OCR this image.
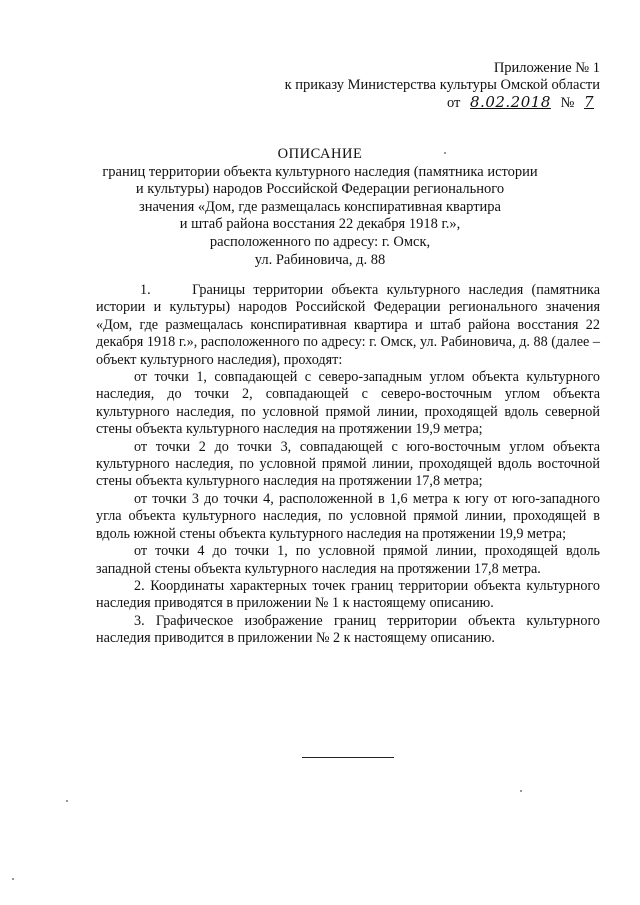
Приложение № 1
к приказу Министерства культуры Омской области
от 8.02.2018 № 7
ОПИСАНИЕ
границ территории объекта культурного наследия (памятника истории
и культуры) народов Российской Федерации регионального
значения «Дом, где размещалась конспиративная квартира
и штаб района восстания 22 декабря 1918 г.»,
расположенного по адресу: г. Омск,
ул. Рабиновича, д. 88

1.     Границы территории объекта культурного наследия (памятника истории и культуры) народов Российской Федерации регионального значения «Дом, где размещалась конспиративная квартира и штаб района восстания 22 декабря 1918 г.», расположенного по адресу: г. Омск, ул. Рабиновича, д. 88 (далее – объект культурного наследия), проходят:

от точки 1, совпадающей с северо-западным углом объекта культурного наследия, до точки 2, совпадающей с северо-восточным углом объекта культурного наследия, по условной прямой линии, проходящей вдоль северной стены объекта культурного наследия на протяжении 19,9 метра;

от точки 2 до точки 3, совпадающей с юго-восточным углом объекта культурного наследия, по условной прямой линии, проходящей вдоль восточной стены объекта культурного наследия на протяжении 17,8 метра;

от точки 3 до точки 4, расположенной в 1,6 метра к югу от юго-западного угла объекта культурного наследия, по условной прямой линии, проходящей в вдоль южной стены объекта культурного наследия на протяжении 19,9 метра;

от точки 4 до точки 1, по условной прямой линии, проходящей вдоль западной стены объекта культурного наследия на протяжении 17,8 метра.

2. Координаты характерных точек границ территории объекта культурного наследия приводятся в приложении № 1 к настоящему описанию.

3. Графическое изображение границ территории объекта культурного наследия приводится в приложении № 2 к настоящему описанию.
